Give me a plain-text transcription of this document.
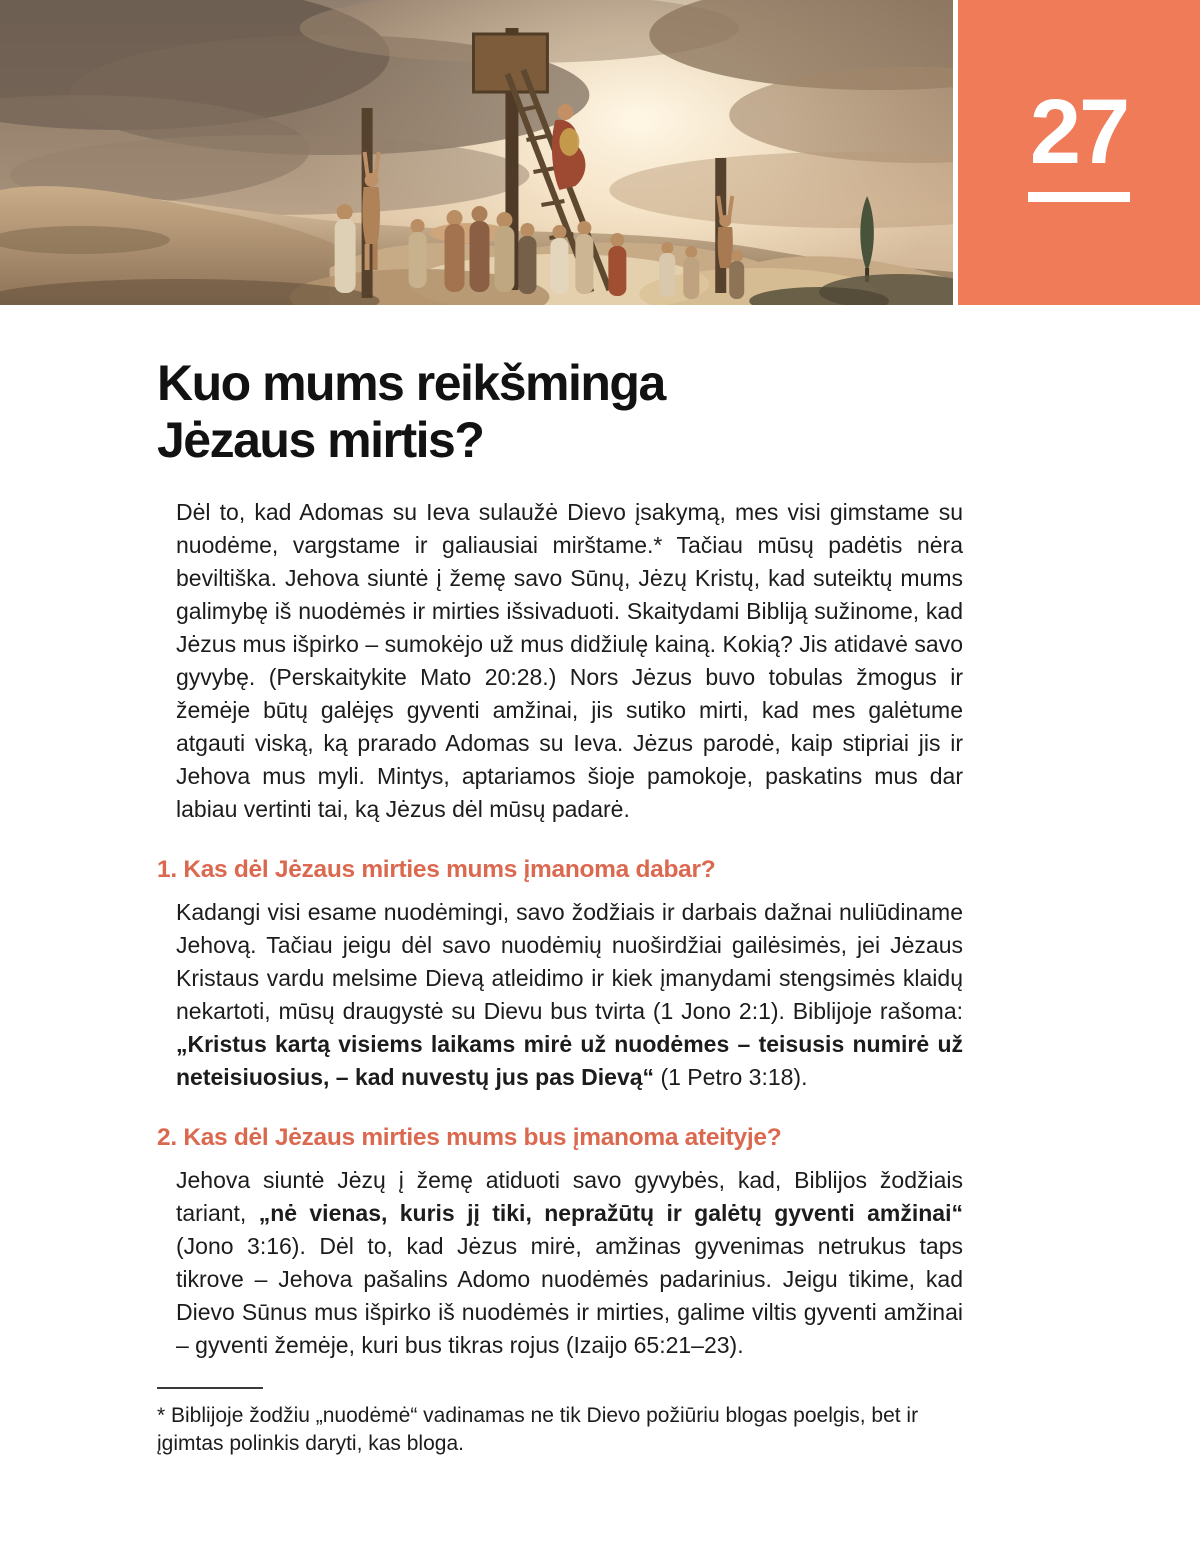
27
Kuo mums reikšminga
Jėzaus mirtis?

Dėl to, kad Adomas su Ieva sulaužė Dievo įsakymą, mes visi gimstame su nuodėme, vargstame ir galiausiai mirštame.* Tačiau mūsų padėtis nėra beviltiška. Jehova siuntė į žemę savo Sūnų, Jėzų Kristų, kad suteiktų mums galimybę iš nuodėmės ir mirties išsivaduoti. Skaitydami Bibliją sužinome, kad Jėzus mus išpirko – sumokėjo už mus didžiulę kainą. Kokią? Jis atidavė savo gyvybę. (Perskaitykite Mato 20:28.) Nors Jėzus buvo tobulas žmogus ir žemėje būtų galėjęs gyventi amžinai, jis sutiko mirti, kad mes galėtume atgauti viską, ką prarado Adomas su Ieva. Jėzus parodė, kaip stipriai jis ir Jehova mus myli. Mintys, aptariamos šioje pamokoje, paskatins mus dar labiau vertinti tai, ką Jėzus dėl mūsų padarė.

1. Kas dėl Jėzaus mirties mums įmanoma dabar?

Kadangi visi esame nuodėmingi, savo žodžiais ir darbais dažnai nuliūdiname Jehovą. Tačiau jeigu dėl savo nuodėmių nuoširdžiai gailėsimės, jei Jėzaus Kristaus vardu melsime Dievą atleidimo ir kiek įmanydami stengsimės klaidų nekartoti, mūsų draugystė su Dievu bus tvirta (1 Jono 2:1). Biblijoje rašoma: „Kristus kartą visiems laikams mirė už nuodėmes – teisusis numirė už neteisiuosius, – kad nuvestų jus pas Dievą“ (1 Petro 3:18).

2. Kas dėl Jėzaus mirties mums bus įmanoma ateityje?

Jehova siuntė Jėzų į žemę atiduoti savo gyvybės, kad, Biblijos žodžiais tariant, „nė vienas, kuris jį tiki, nepražūtų ir galėtų gyventi amžinai“ (Jono 3:16). Dėl to, kad Jėzus mirė, amžinas gyvenimas netrukus taps tikrove – Jehova pašalins Adomo nuodėmės padarinius. Jeigu tikime, kad Dievo Sūnus mus išpirko iš nuodėmės ir mirties, galime viltis gyventi amžinai – gyventi žemėje, kuri bus tikras rojus (Izaijo 65:21–23).

* Biblijoje žodžiu „nuodėmė“ vadinamas ne tik Dievo požiūriu blogas poelgis, bet ir įgimtas polinkis daryti, kas bloga.
